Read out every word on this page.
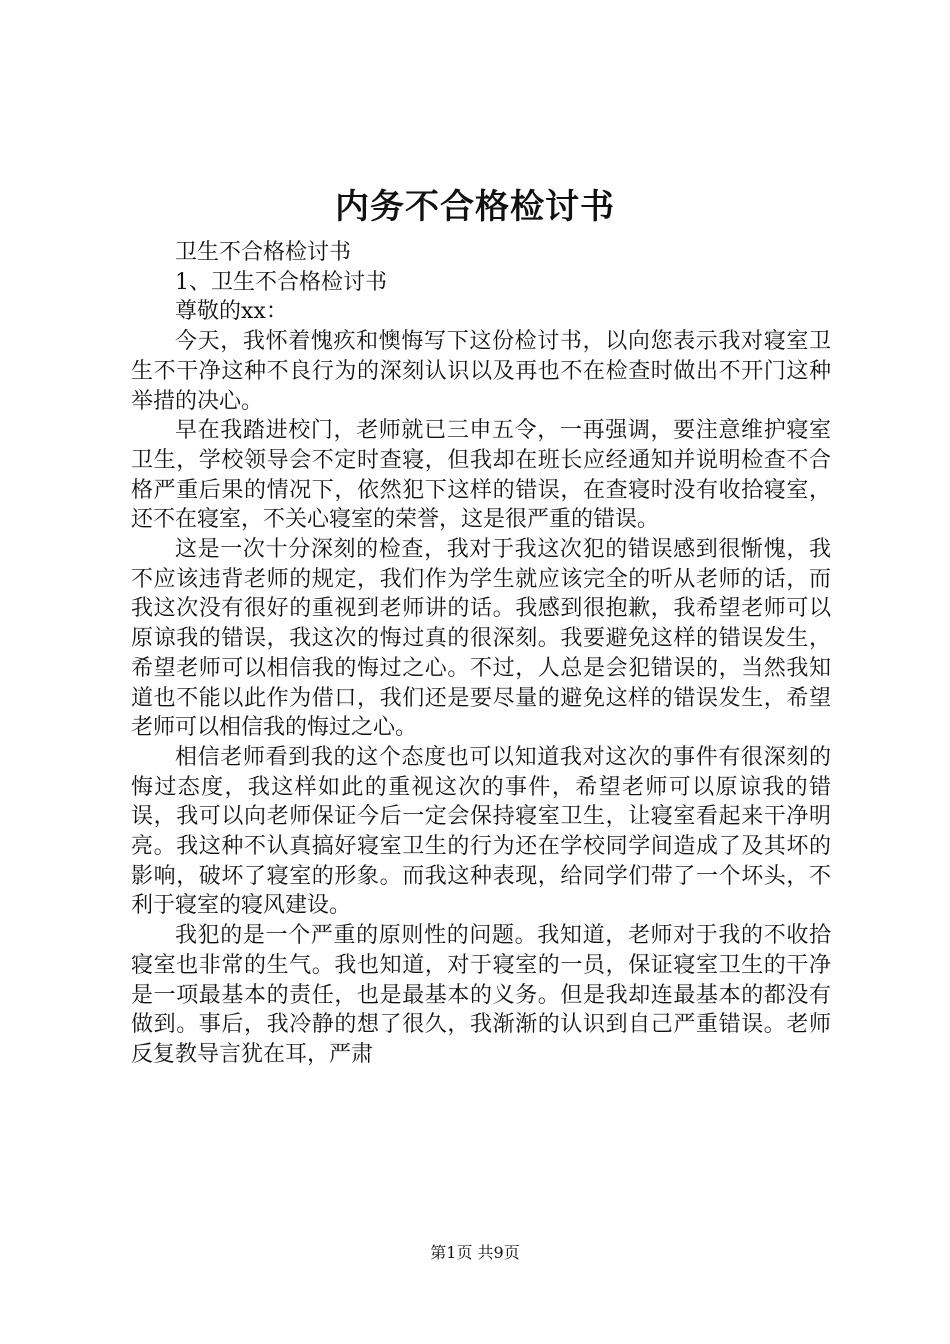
内务不合格检讨书

卫生不合格检讨书

1、卫生不合格检讨书

尊敬的xx：

今天，我怀着愧疚和懊悔写下这份检讨书，以向您表示我对寝室卫生不干净这种不良行为的深刻认识以及再也不在检查时做出不开门这种举措的决心。

早在我踏进校门，老师就已三申五令，一再强调，要注意维护寝室卫生，学校领导会不定时查寝，但我却在班长应经通知并说明检查不合格严重后果的情况下，依然犯下这样的错误，在查寝时没有收拾寝室，还不在寝室，不关心寝室的荣誉，这是很严重的错误。

这是一次十分深刻的检查，我对于我这次犯的错误感到很惭愧，我不应该违背老师的规定，我们作为学生就应该完全的听从老师的话，而我这次没有很好的重视到老师讲的话。我感到很抱歉，我希望老师可以原谅我的错误，我这次的悔过真的很深刻。我要避免这样的错误发生，希望老师可以相信我的悔过之心。不过，人总是会犯错误的，当然我知道也不能以此作为借口，我们还是要尽量的避免这样的错误发生，希望老师可以相信我的悔过之心。

相信老师看到我的这个态度也可以知道我对这次的事件有很深刻的悔过态度，我这样如此的重视这次的事件，希望老师可以原谅我的错误，我可以向老师保证今后一定会保持寝室卫生，让寝室看起来干净明亮。我这种不认真搞好寝室卫生的行为还在学校同学间造成了及其坏的影响，破坏了寝室的形象。而我这种表现，给同学们带了一个坏头，不利于寝室的寝风建设。

我犯的是一个严重的原则性的问题。我知道，老师对于我的不收拾寝室也非常的生气。我也知道，对于寝室的一员，保证寝室卫生的干净是一项最基本的责任，也是最基本的义务。但是我却连最基本的都没有做到。事后，我冷静的想了很久，我渐渐的认识到自己严重错误。老师反复教导言犹在耳，严肃

第1页 共9页
